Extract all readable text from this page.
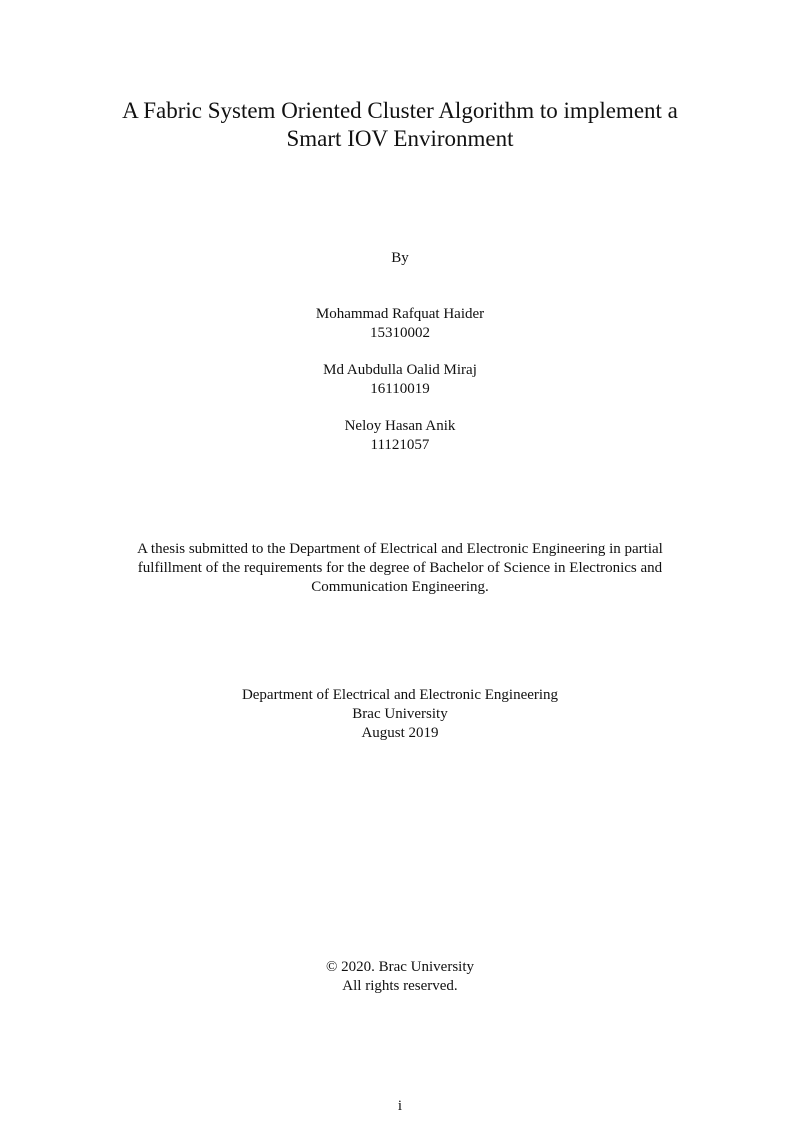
A Fabric System Oriented Cluster Algorithm to implement a
Smart IOV Environment
By
Mohammad Rafquat Haider
15310002
Md Aubdulla Oalid Miraj
16110019
Neloy Hasan Anik
11121057
A thesis submitted to the Department of Electrical and Electronic Engineering in partial
fulfillment of the requirements for the degree of Bachelor of Science in Electronics and
Communication Engineering.
Department of Electrical and Electronic Engineering
Brac University
August 2019
© 2020. Brac University
All rights reserved.
i
